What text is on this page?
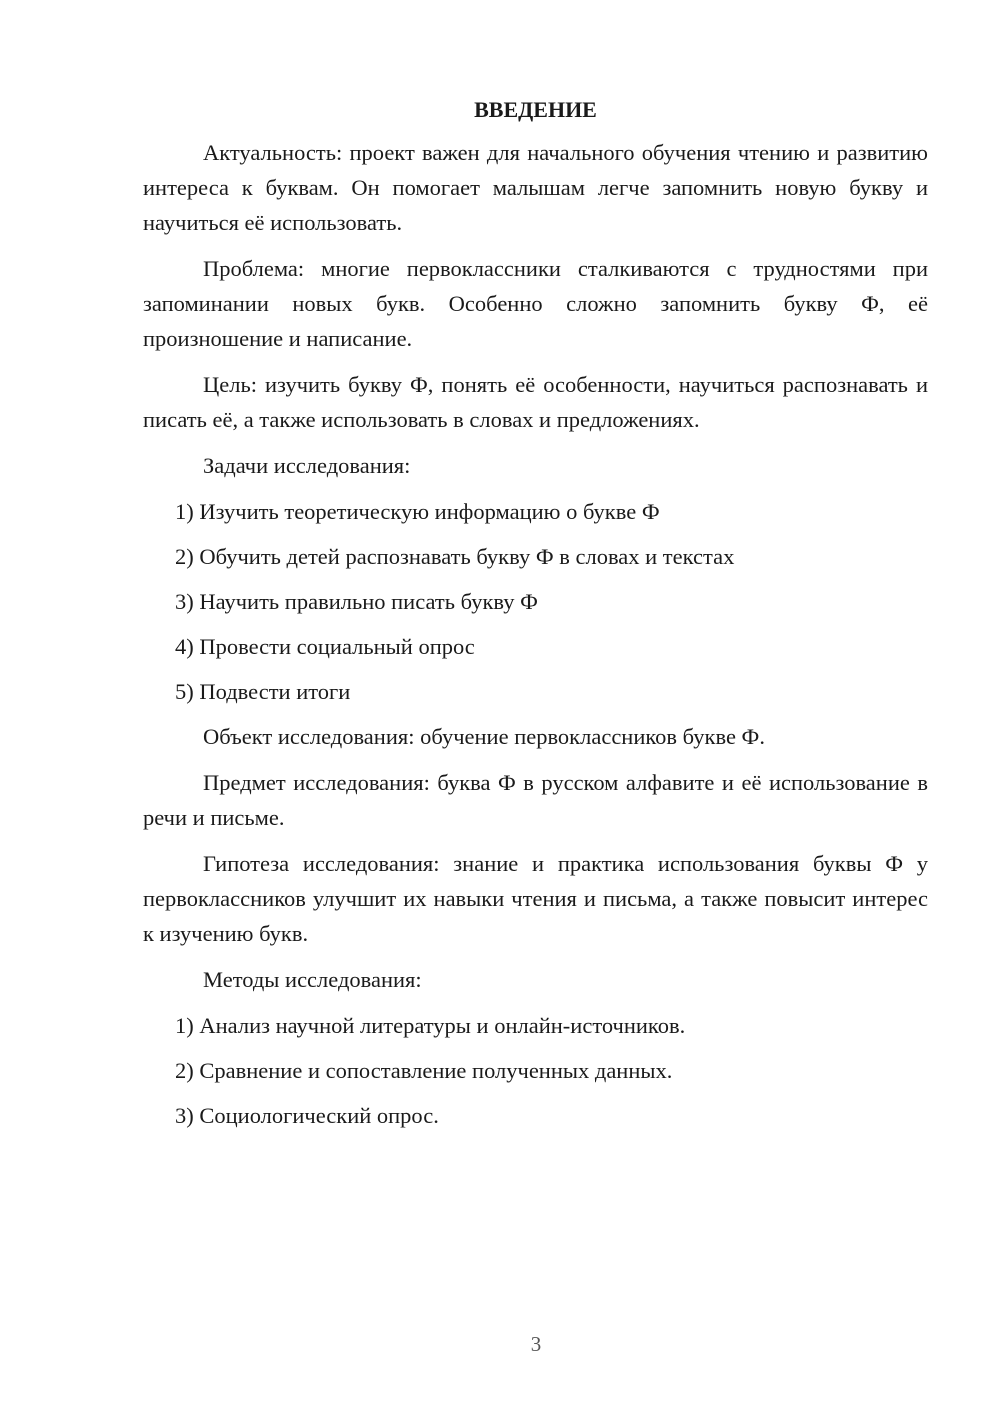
ВВЕДЕНИЕ

Актуальность: проект важен для начального обучения чтению и развитию интереса к буквам. Он помогает малышам легче запомнить новую букву и научиться её использовать.

Проблема: многие первоклассники сталкиваются с трудностями при запоминании новых букв. Особенно сложно запомнить букву Ф, её произношение и написание.

Цель: изучить букву Ф, понять её особенности, научиться распознавать и писать её, а также использовать в словах и предложениях.

Задачи исследования:

1) Изучить теоретическую информацию о букве Ф
2) Обучить детей распознавать букву Ф в словах и текстах
3) Научить правильно писать букву Ф
4) Провести социальный опрос
5) Подвести итоги

Объект исследования: обучение первоклассников букве Ф.

Предмет исследования: буква Ф в русском алфавите и её использование в речи и письме.

Гипотеза исследования: знание и практика использования буквы Ф у первоклассников улучшит их навыки чтения и письма, а также повысит интерес к изучению букв.

Методы исследования:

1) Анализ научной литературы и онлайн-источников.
2) Сравнение и сопоставление полученных данных.
3) Социологический опрос.
3
